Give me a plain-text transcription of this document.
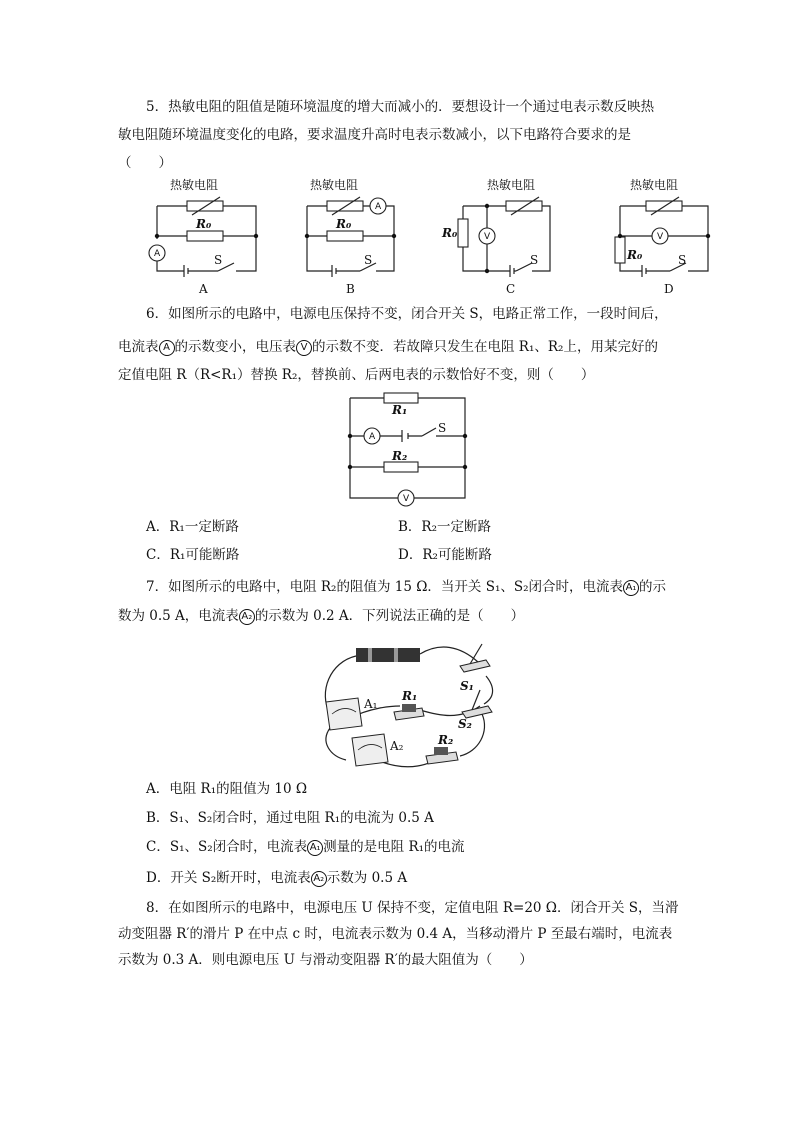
5．热敏电阻的阻值是随环境温度的增大而减小的．要想设计一个通过电表示数反映热
敏电阻随环境温度变化的电路，要求温度升高时电表示数减小，以下电路符合要求的是
（　　）
热敏电阻
R₀
A	S
A
热敏电阻
A
R₀
S
B
热敏电阻
R₀	V
S
C
热敏电阻
V
R₀	S
D
6．如图所示的电路中，电源电压保持不变，闭合开关 S，电路正常工作，一段时间后，
电流表 A 的示数变小，电压表 V 的示数不变．若故障只发生在电阻 R₁、R₂上，用某完好的
定值电阻 R（R<R₁）替换 R₂，替换前、后两电表的示数恰好不变，则（　　）
R₁
A
S
R₂
V
A．R₁一定断路	B．R₂一定断路
C．R₁可能断路	D．R₂可能断路
7．如图所示的电路中，电阻 R₂的阻值为 15 Ω．当开关 S₁、S₂闭合时，电流表 A₁ 的示
数为 0.5 A，电流表 A₂ 的示数为 0.2 A．下列说法正确的是（　　）
S₁
S₂
A₁
R₁
A₂	R₂
A．电阻 R₁的阻值为 10 Ω
B．S₁、S₂闭合时，通过电阻 R₁的电流为 0.5 A
C．S₁、S₂闭合时，电流表 A₁ 测量的是电阻 R₁的电流
D．开关 S₂断开时，电流表 A₂ 示数为 0.5 A
8．在如图所示的电路中，电源电压 U 保持不变，定值电阻 R=20 Ω．闭合开关 S，当滑
动变阻器 R′的滑片 P 在中点 c 时，电流表示数为 0.4 A，当移动滑片 P 至最右端时，电流表
示数为 0.3 A．则电源电压 U 与滑动变阻器 R′的最大阻值为（　　）
